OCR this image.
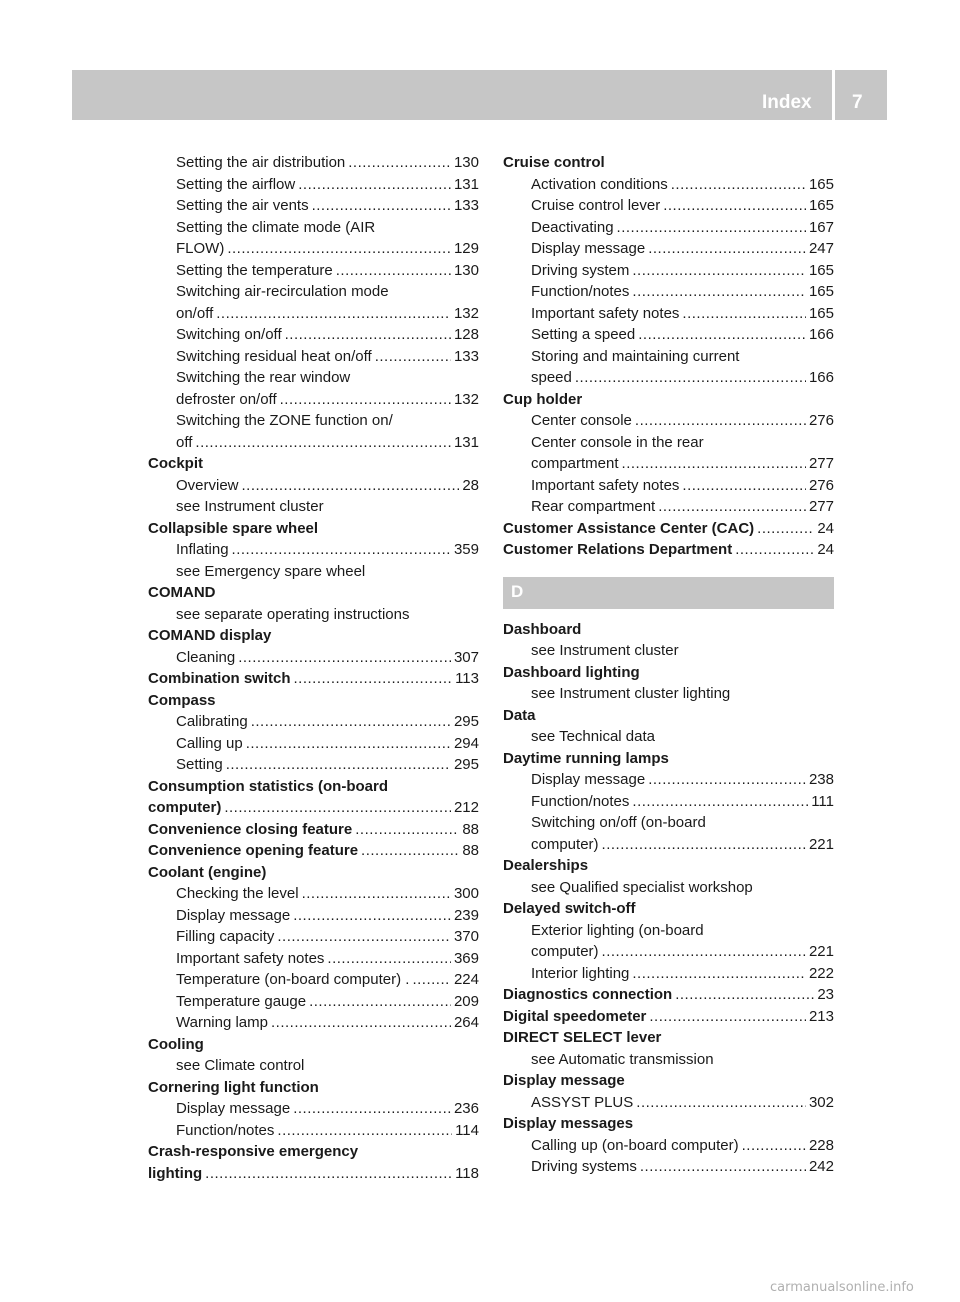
Index 7
Setting the air distribution .....	130
Setting the airflow .....	131
Setting the air vents .....	133
Setting the climate mode (AIR
FLOW) .....	129
Setting the temperature .....	130
Switching air-recirculation mode
on/off .....	132
Switching on/off .....	128
Switching residual heat on/off .....	133
Switching the rear window
defroster on/off .....	132
Switching the ZONE function on/
off .....	131
Cockpit
Overview .....	28
see Instrument cluster
Collapsible spare wheel
Inflating .....	359
see Emergency spare wheel
COMAND
see separate operating instructions
COMAND display
Cleaning .....	307
Combination switch .....	113
Compass
Calibrating .....	295
Calling up .....	294
Setting .....	295
Consumption statistics (on-board
computer) .....	212
Convenience closing feature .....	88
Convenience opening feature .....	88
Coolant (engine)
Checking the level .....	300
Display message .....	239
Filling capacity .....	370
Important safety notes .....	369
Temperature (on-board computer) . .....	224
Temperature gauge .....	209
Warning lamp .....	264
Cooling
see Climate control
Cornering light function
Display message .....	236
Function/notes .....	114
Crash-responsive emergency
lighting .....	118
Cruise control
Activation conditions .....	165
Cruise control lever .....	165
Deactivating .....	167
Display message .....	247
Driving system .....	165
Function/notes .....	165
Important safety notes .....	165
Setting a speed .....	166
Storing and maintaining current
speed .....	166
Cup holder
Center console .....	276
Center console in the rear
compartment .....	277
Important safety notes .....	276
Rear compartment .....	277
Customer Assistance Center (CAC) .....	24
Customer Relations Department .....	24
D
Dashboard
see Instrument cluster
Dashboard lighting
see Instrument cluster lighting
Data
see Technical data
Daytime running lamps
Display message .....	238
Function/notes .....	111
Switching on/off (on-board
computer) .....	221
Dealerships
see Qualified specialist workshop
Delayed switch-off
Exterior lighting (on-board
computer) .....	221
Interior lighting .....	222
Diagnostics connection .....	23
Digital speedometer .....	213
DIRECT SELECT lever
see Automatic transmission
Display message
ASSYST PLUS .....	302
Display messages
Calling up (on-board computer) .....	228
Driving systems .....	242
carmanualsonline.info
